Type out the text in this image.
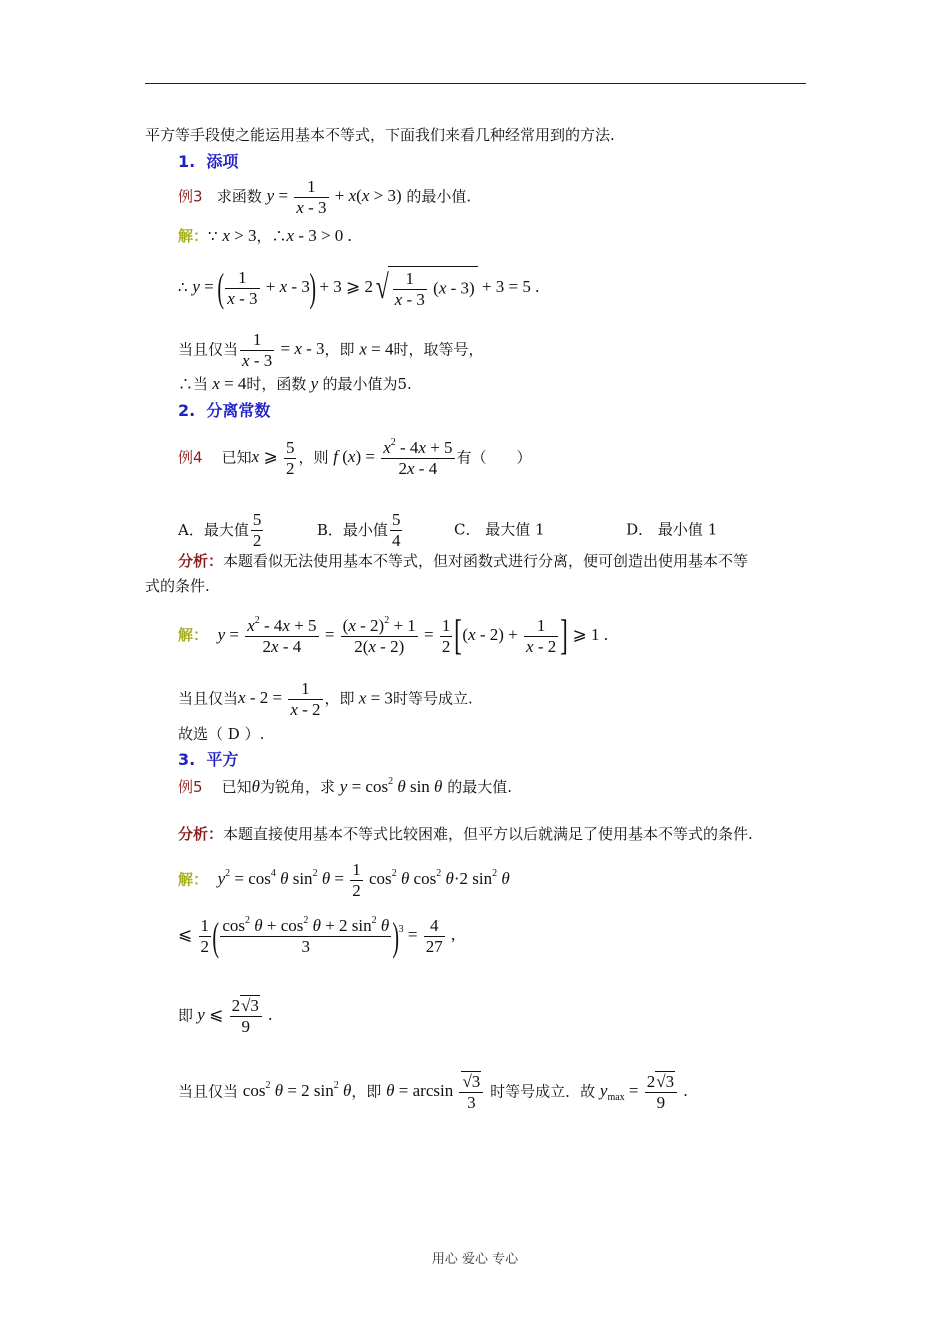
平方等手段使之能运用基本不等式，下面我们来看几种经常用到的方法.
1. 添项
例3 求函数 $y = \frac{1}{x - 3} + x(x > 3)$ 的最小值.
解：∵ x > 3，∴x - 3 > 0 .
∴ y = ( $\frac{1}{x - 3} + x - 3) + 3$ ⩾ $2√ \frac{1}{x - 3} (x - 3) + 3 = 5$ .
当且仅当 $\frac{1}{x - 3} = x - 3$，即 x = 4时，取等号，
∴当 x = 4时，函数 y 的最小值为5.
2. 分离常数
例4 已知x ⩾ $\frac{5}{2}$ ，则 f $(x) = \frac{x^2 - 4x + 5}{2x - 4}$ 有（　　）
A．最大值 $\frac{5}{2}$	B．最小值 $\frac{5}{4}$	C． 最大值 1	D． 最小值 1
分析：本题看似无法使用基本不等式，但对函数式进行分离，便可创造出使用基本不等
式的条件.
解： $y = \frac{x^2 - 4x + 5}{2x - 4} = \frac{(x - 2)^2 + 1}{2(x - 2)} = \frac{1}{2} [(x - 2) + \frac{1}{x - 2}$ ] ⩾ 1 .
当且仅当$x - 2 = \frac{1}{x - 2}$ ，即 x = 3时等号成立.
故选（ D ）.
3. 平方
例5 已知θ为锐角，求 $y = \cos^2 \theta$ sin θ 的最大值.
分析：本题直接使用基本不等式比较困难，但平方以后就满足了使用基本不等式的条件.
解： $y^2 = \cos^4 \theta$ $\sin^2 \theta = \frac{1}{2} \cos^2 \theta$ $\cos^2 \theta\cdot 2$ $\sin^2 \theta$
⩽ $\frac{1}{2}$ ( $\frac{\cos^2 \theta + \cos^2 \theta + 2 \sin^2 \theta}{3} )^3 = \frac{4}{27}$ ,
即 y ⩽ $\frac{2√3}{9}$ .
当且仅当 $\cos^2 \theta = 2$ $\sin^2 \theta$，即 $\theta = \arcsin \frac{√3}{3}$ 时等号成立．故 $y_{max} = \frac{2√3}{9}$ .
用心 爱心 专心
